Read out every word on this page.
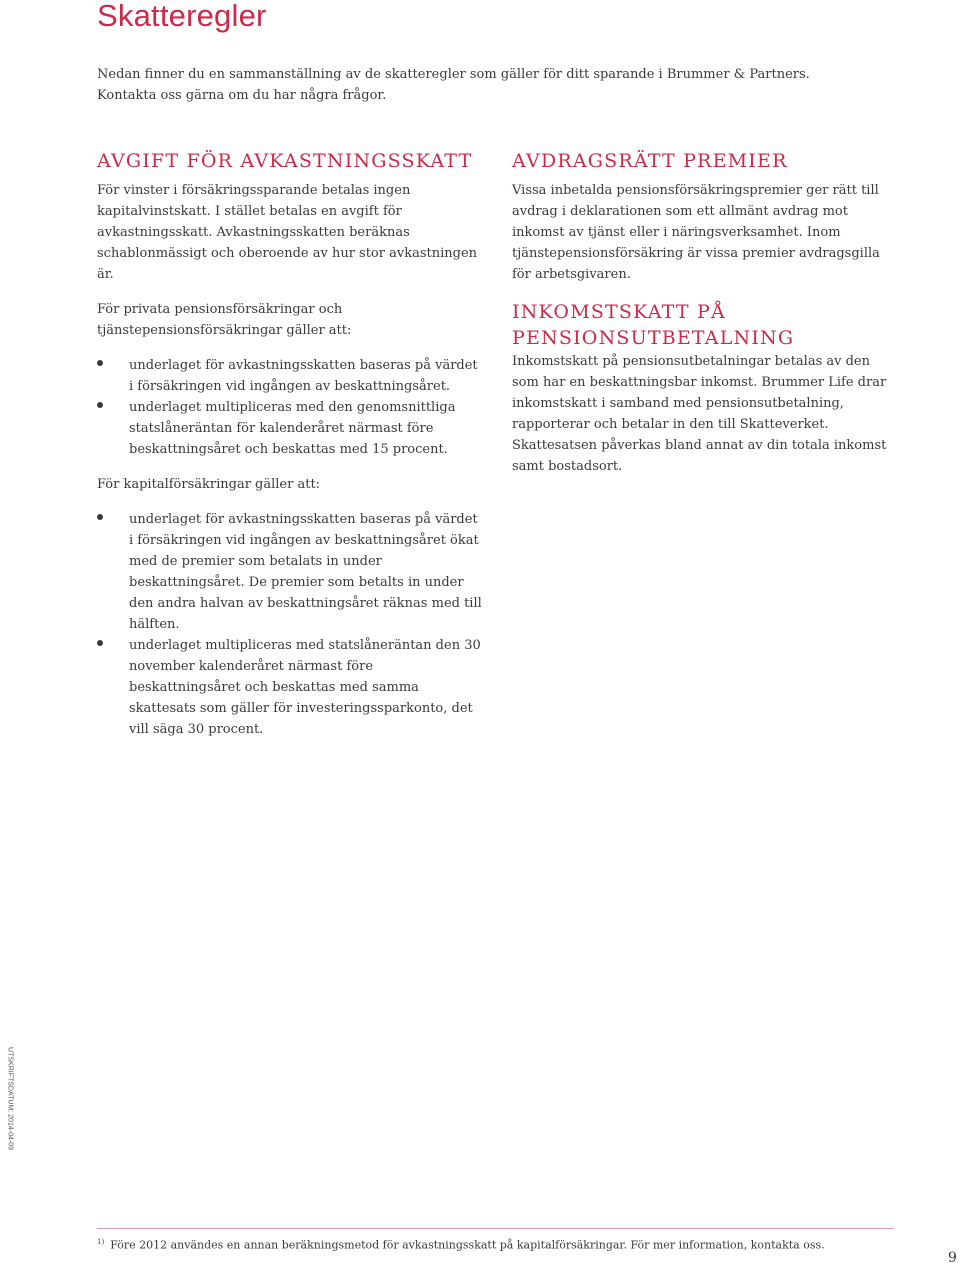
Skatteregler

Nedan finner du en sammanställning av de skatteregler som gäller för ditt sparande i Brummer & Partners. Kontakta oss gärna om du har några frågor.

AVGIFT FÖR AVKASTNINGSSKATT

För vinster i försäkringssparande betalas ingen kapitalvinstskatt. I stället betalas en avgift för avkastningsskatt. Avkastningsskatten beräknas schablonmässigt och oberoende av hur stor avkastningen är.

För privata pensionsförsäkringar och tjänstepensionsförsäkringar gäller att:

underlaget för avkastningsskatten baseras på värdet i försäkringen vid ingången av beskattningsåret.
underlaget multipliceras med den genomsnittliga statslåneräntan för kalenderåret närmast före beskattningsåret och beskattas med 15 procent.

För kapitalförsäkringar gäller att:

underlaget för avkastningsskatten baseras på värdet i försäkringen vid ingången av beskattningsåret ökat med de premier som betalats in under beskattningsåret. De premier som betalts in under den andra halvan av beskattningsåret räknas med till hälften.
underlaget multipliceras med statslåneräntan den 30 november kalenderåret närmast före beskattningsåret och beskattas med samma skattesats som gäller för investeringssparkonto, det vill säga 30 procent.
AVDRAGSRÄTT PREMIER

Vissa inbetalda pensionsförsäkringspremier ger rätt till avdrag i deklarationen som ett allmänt avdrag mot inkomst av tjänst eller i näringsverksamhet. Inom tjänstepensionsförsäkring är vissa premier avdragsgilla för arbetsgivaren.

INKOMSTSKATT PÅ PENSIONSUTBETALNING

Inkomstskatt på pensionsutbetalningar betalas av den som har en beskattningsbar inkomst. Brummer Life drar inkomstskatt i samband med pensionsutbetalning, rapporterar och betalar in den till Skatteverket. Skattesatsen påverkas bland annat av din totala inkomst samt bostadsort.

UTSKRIFTSDATUM: 2014-04-09

$^{1)}$ Före 2012 användes en annan beräkningsmetod för avkastningsskatt på kapitalförsäkringar. För mer information, kontakta oss.

9
